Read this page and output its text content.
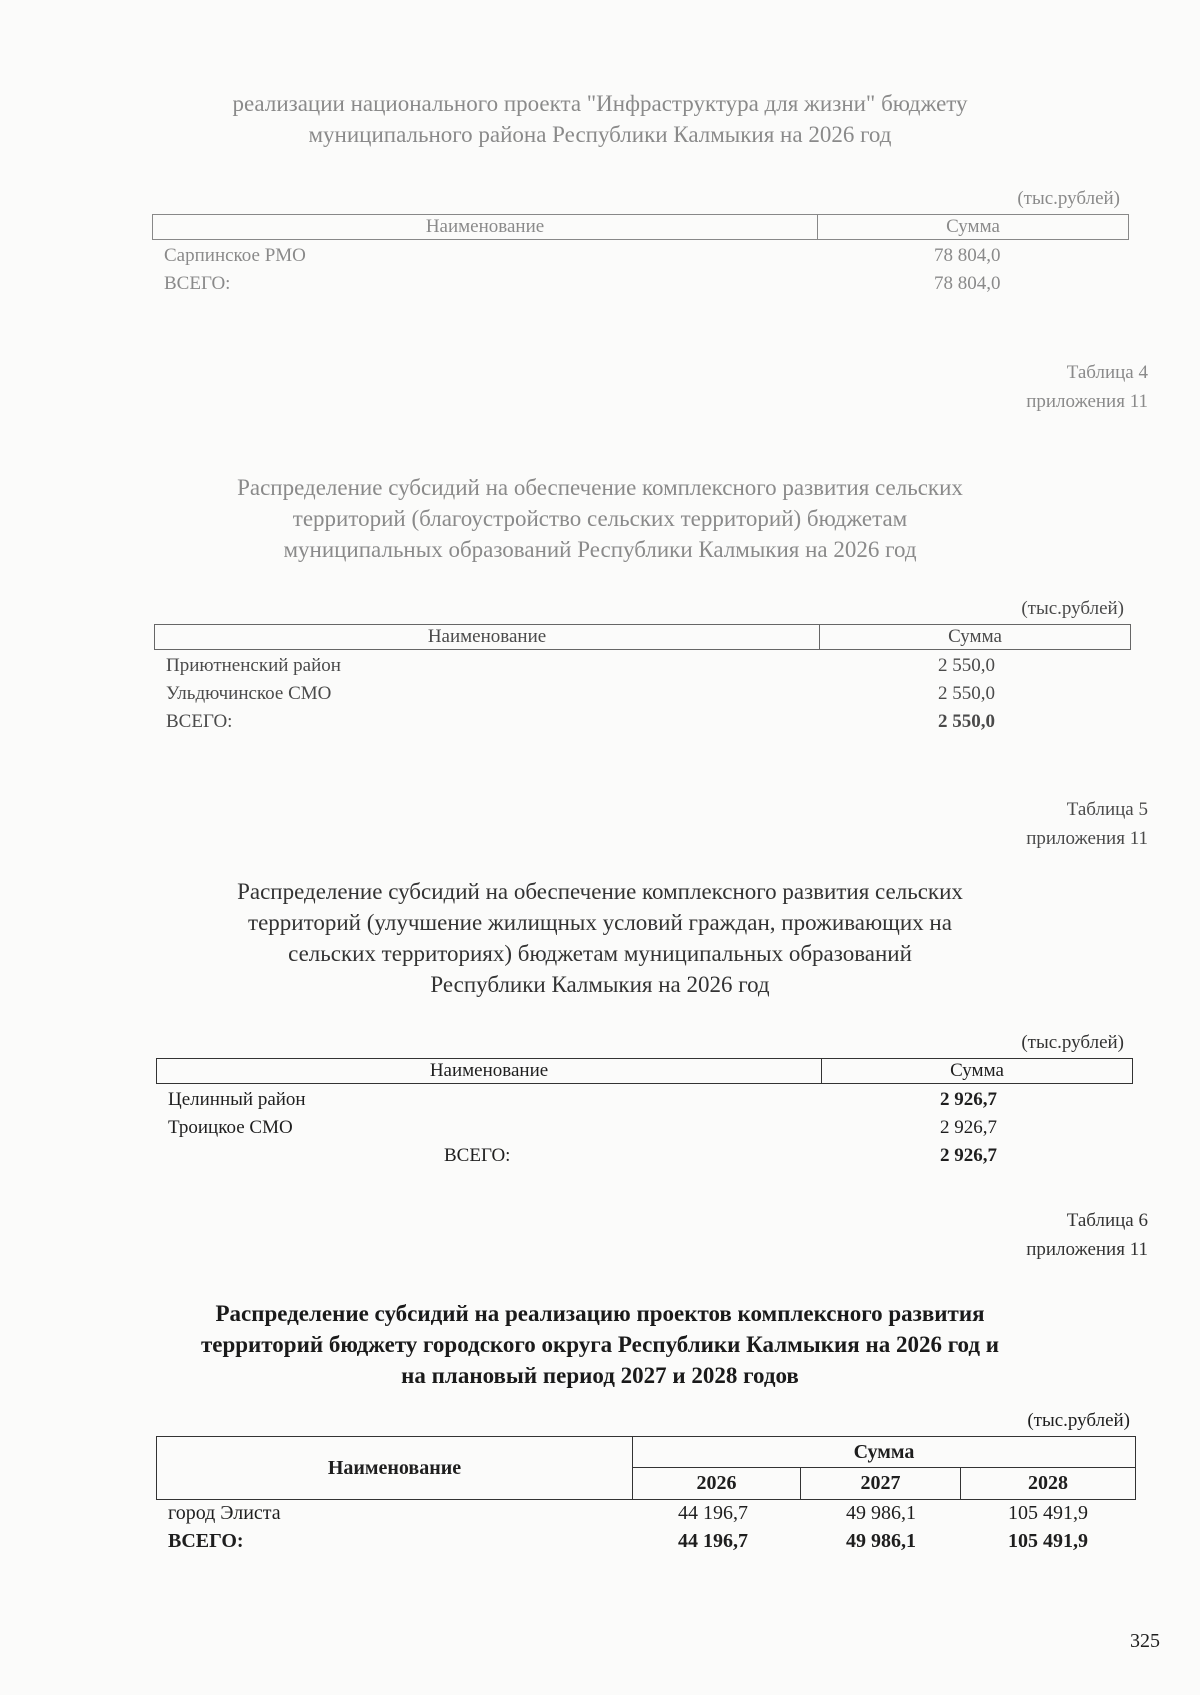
реализации национального проекта "Инфраструктура для жизни" бюджету
муниципального района Республики Калмыкия на 2026 год
(тыс.рублей)
Наименование	Сумма
Сарпинское РМО	78 804,0
ВСЕГО:	78 804,0
Таблица 4
приложения 11
Распределение субсидий на обеспечение комплексного развития сельских
территорий (благоустройство сельских территорий) бюджетам
муниципальных образований Республики Калмыкия на 2026 год
(тыс.рублей)
Наименование	Сумма
Приютненский район	2 550,0
Ульдючинское СМО	2 550,0
ВСЕГО:	2 550,0
Таблица 5
приложения 11
Распределение субсидий на обеспечение комплексного развития сельских
территорий (улучшение жилищных условий граждан, проживающих на
сельских территориях) бюджетам муниципальных образований
Республики Калмыкия на 2026 год
(тыс.рублей)
Наименование	Сумма
Целинный район	2 926,7
Троицкое СМО	2 926,7
ВСЕГО:	2 926,7
Таблица 6
приложения 11
Распределение субсидий на реализацию проектов комплексного развития
территорий бюджету городского округа Республики Калмыкия на 2026 год и
на плановый период 2027 и 2028 годов
(тыс.рублей)
Наименование
Сумма
2026	2027	2028
город Элиста	44 196,7	49 986,1	105 491,9
ВСЕГО:	44 196,7	49 986,1	105 491,9
325
